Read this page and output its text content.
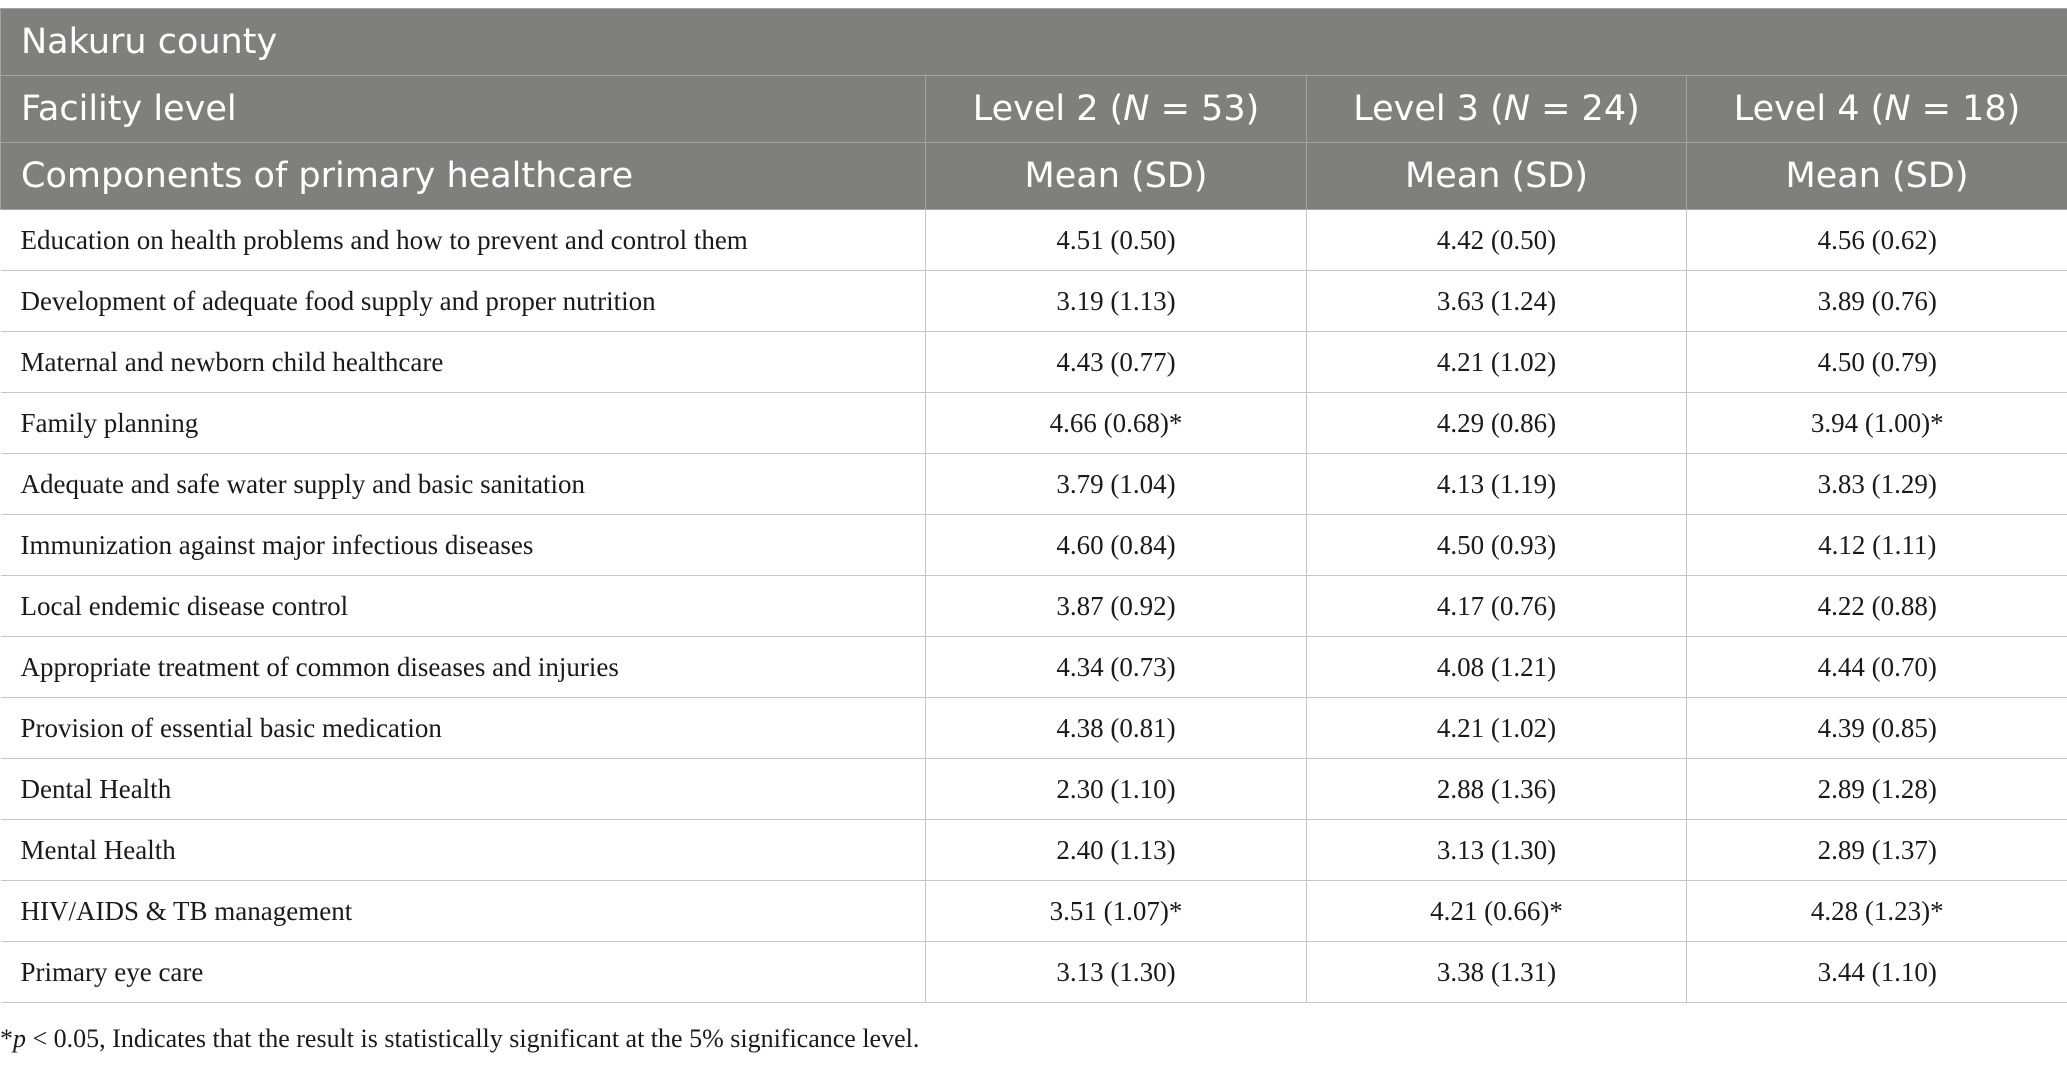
Nakuru county			
Facility level	Level 2 (N = 53)	Level 3 (N = 24)	Level 4 (N = 18)
Components of primary healthcare	Mean (SD)	Mean (SD)	Mean (SD)
Education on health problems and how to prevent and control them	4.51 (0.50)	4.42 (0.50)	4.56 (0.62)
Development of adequate food supply and proper nutrition	3.19 (1.13)	3.63 (1.24)	3.89 (0.76)
Maternal and newborn child healthcare	4.43 (0.77)	4.21 (1.02)	4.50 (0.79)
Family planning	4.66 (0.68)*	4.29 (0.86)	3.94 (1.00)*
Adequate and safe water supply and basic sanitation	3.79 (1.04)	4.13 (1.19)	3.83 (1.29)
Immunization against major infectious diseases	4.60 (0.84)	4.50 (0.93)	4.12 (1.11)
Local endemic disease control	3.87 (0.92)	4.17 (0.76)	4.22 (0.88)
Appropriate treatment of common diseases and injuries	4.34 (0.73)	4.08 (1.21)	4.44 (0.70)
Provision of essential basic medication	4.38 (0.81)	4.21 (1.02)	4.39 (0.85)
Dental Health	2.30 (1.10)	2.88 (1.36)	2.89 (1.28)
Mental Health	2.40 (1.13)	3.13 (1.30)	2.89 (1.37)
HIV/AIDS & TB management	3.51 (1.07)*	4.21 (0.66)*	4.28 (1.23)*
Primary eye care	3.13 (1.30)	3.38 (1.31)	3.44 (1.10)
*p < 0.05, Indicates that the result is statistically significant at the 5% significance level.
